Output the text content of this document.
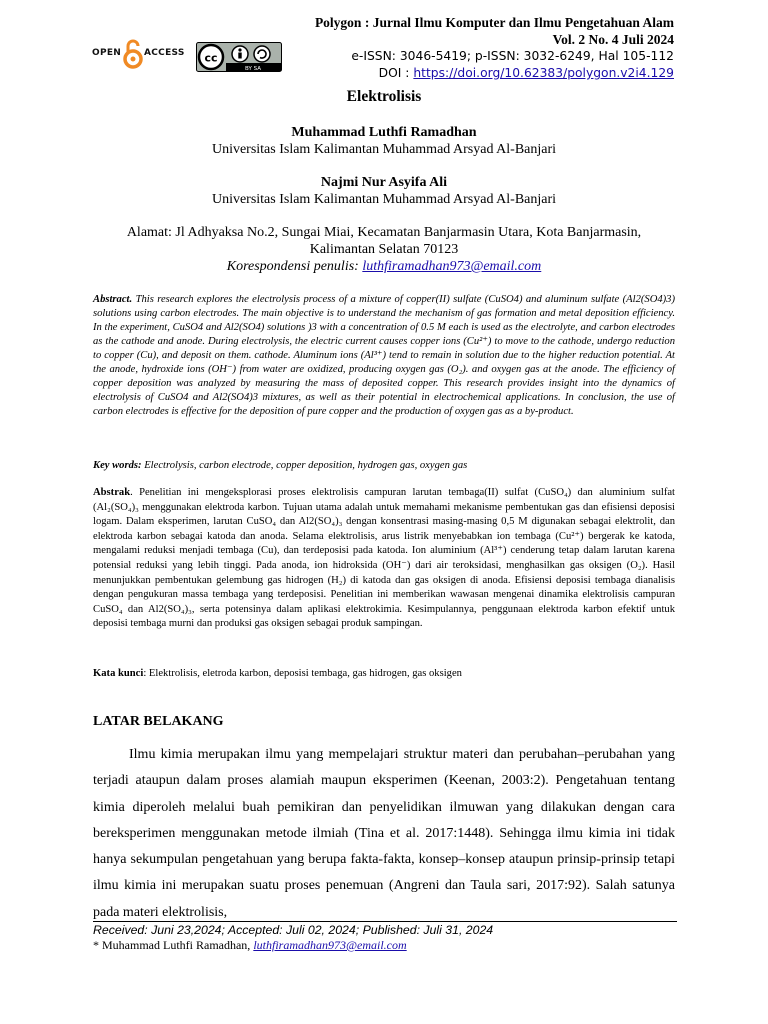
OPEN	ACCESS cc
BY SA
Polygon : Jurnal Ilmu Komputer dan Ilmu Pengetahuan Alam
Vol. 2 No. 4 Juli 2024
e-ISSN: 3046-5419; p-ISSN: 3032-6249, Hal 105-112
DOI : https://doi.org/10.62383/polygon.v2i4.129
Elektrolisis
Muhammad Luthfi Ramadhan
Universitas Islam Kalimantan Muhammad Arsyad Al-Banjari
Najmi Nur Asyifa Ali
Universitas Islam Kalimantan Muhammad Arsyad Al-Banjari
Alamat: Jl Adhyaksa No.2, Sungai Miai, Kecamatan Banjarmasin Utara, Kota Banjarmasin,
Kalimantan Selatan 70123
Korespondensi penulis: luthfiramadhan973@email.com
Abstract. This research explores the electrolysis process of a mixture of copper(II) sulfate (CuSO4) and aluminum sulfate (Al2(SO4)3) solutions using carbon electrodes. The main objective is to understand the mechanism of gas formation and metal deposition efficiency. In the experiment, CuSO4 and Al2(SO4) solutions )3 with a concentration of 0.5 M each is used as the electrolyte, and carbon electrodes as the cathode and anode. During electrolysis, the electric current causes copper ions (Cu²⁺) to move to the cathode, undergo reduction to copper (Cu), and deposit on them. cathode. Aluminum ions (Al³⁺) tend to remain in solution due to the higher reduction potential. At the anode, hydroxide ions (OH⁻) from water are oxidized, producing oxygen gas (O₂). and oxygen gas at the anode. The efficiency of copper deposition was analyzed by measuring the mass of deposited copper. This research provides insight into the dynamics of electrolysis of CuSO4 and Al2(SO4)3 mixtures, as well as their potential in electrochemical applications. In conclusion, the use of carbon electrodes is effective for the deposition of pure copper and the production of oxygen gas as a by-product.
Key words: Electrolysis, carbon electrode, copper deposition, hydrogen gas, oxygen gas
Abstrak. Penelitian ini mengeksplorasi proses elektrolisis campuran larutan tembaga(II) sulfat (CuSO₄) dan aluminium sulfat (Al₂(SO₄)₃ menggunakan elektroda karbon. Tujuan utama adalah untuk memahami mekanisme pembentukan gas dan efisiensi deposisi logam. Dalam eksperimen, larutan CuSO₄ dan Al2(SO₄)₃ dengan konsentrasi masing-masing 0,5 M digunakan sebagai elektrolit, dan elektroda karbon sebagai katoda dan anoda. Selama elektrolisis, arus listrik menyebabkan ion tembaga (Cu²⁺) bergerak ke katoda, mengalami reduksi menjadi tembaga (Cu), dan terdeposisi pada katoda. Ion aluminium (Al³⁺) cenderung tetap dalam larutan karena potensial reduksi yang lebih tinggi. Pada anoda, ion hidroksida (OH⁻) dari air teroksidasi, menghasilkan gas oksigen (O₂). Hasil menunjukkan pembentukan gelembung gas hidrogen (H₂) di katoda dan gas oksigen di anoda. Efisiensi deposisi tembaga dianalisis dengan pengukuran massa tembaga yang terdeposisi. Penelitian ini memberikan wawasan mengenai dinamika elektrolisis campuran CuSO₄ dan Al2(SO₄)₃, serta potensinya dalam aplikasi elektrokimia. Kesimpulannya, penggunaan elektroda karbon efektif untuk deposisi tembaga murni dan produksi gas oksigen sebagai produk sampingan.
Kata kunci: Elektrolisis, eletroda karbon, deposisi tembaga, gas hidrogen, gas oksigen
LATAR BELAKANG

Ilmu kimia merupakan ilmu yang mempelajari struktur materi dan perubahan–perubahan yang terjadi ataupun dalam proses alamiah maupun eksperimen (Keenan, 2003:2). Pengetahuan tentang kimia diperoleh melalui buah pemikiran dan penyelidikan ilmuwan yang dilakukan dengan cara bereksperimen menggunakan metode ilmiah (Tina et al. 2017:1448). Sehingga ilmu kimia ini tidak hanya sekumpulan pengetahuan yang berupa fakta-fakta, konsep–konsep ataupun prinsip-prinsip tetapi ilmu kimia ini merupakan suatu proses penemuan (Angreni dan Taula sari, 2017:92). Salah satunya pada materi elektrolisis,

Received: Juni 23,2024; Accepted: Juli 02, 2024; Published: Juli 31, 2024
* Muhammad Luthfi Ramadhan, luthfiramadhan973@email.com
